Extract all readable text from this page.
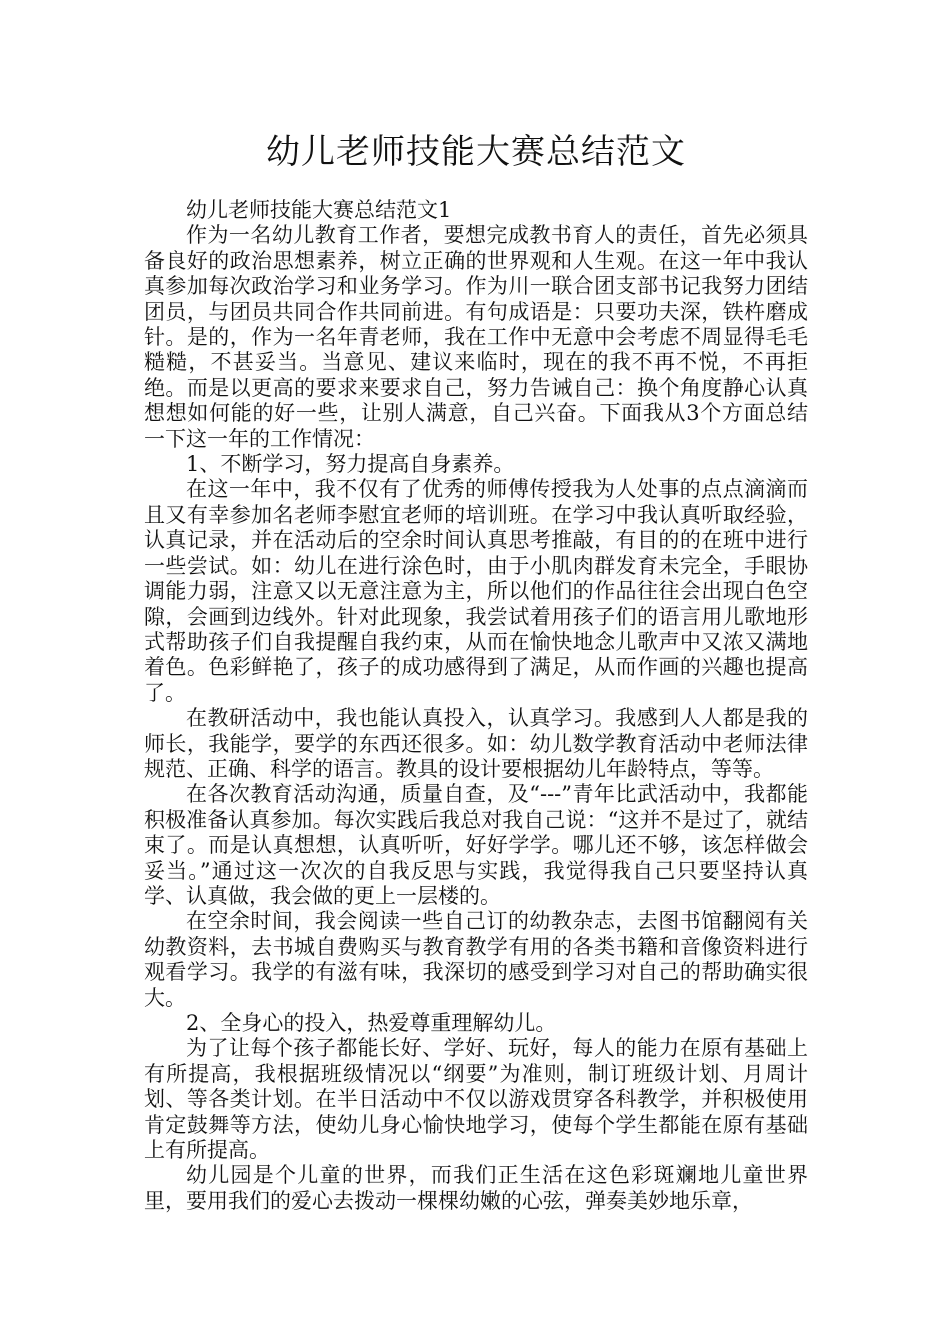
幼儿老师技能大赛总结范文

幼儿老师技能大赛总结范文1

作为一名幼儿教育工作者，要想完成教书育人的责任，首先必须具备良好的政治思想素养，树立正确的世界观和人生观。在这一年中我认真参加每次政治学习和业务学习。作为川一联合团支部书记我努力团结团员，与团员共同合作共同前进。有句成语是：只要功夫深，铁杵磨成针。是的，作为一名年青老师，我在工作中无意中会考虑不周显得毛毛糙糙，不甚妥当。当意见、建议来临时，现在的我不再不悦，不再拒绝。而是以更高的要求来要求自己，努力告诫自己：换个角度静心认真想想如何能的好一些，让别人满意，自己兴奋。下面我从3个方面总结一下这一年的工作情况：

1、不断学习，努力提高自身素养。

在这一年中，我不仅有了优秀的师傅传授我为人处事的点点滴滴而且又有幸参加名老师李慰宜老师的培训班。在学习中我认真听取经验，认真记录，并在活动后的空余时间认真思考推敲，有目的的在班中进行一些尝试。如：幼儿在进行涂色时，由于小肌肉群发育未完全，手眼协调能力弱，注意又以无意注意为主，所以他们的作品往往会出现白色空隙，会画到边线外。针对此现象，我尝试着用孩子们的语言用儿歌地形式帮助孩子们自我提醒自我约束，从而在愉快地念儿歌声中又浓又满地着色。色彩鲜艳了，孩子的成功感得到了满足，从而作画的兴趣也提高了。

在教研活动中，我也能认真投入，认真学习。我感到人人都是我的师长，我能学，要学的东西还很多。如：幼儿数学教育活动中老师法律规范、正确、科学的语言。教具的设计要根据幼儿年龄特点，等等。

在各次教育活动沟通，质量自查，及“---”青年比武活动中，我都能积极准备认真参加。每次实践后我总对我自己说：“这并不是过了，就结束了。而是认真想想，认真听听，好好学学。哪儿还不够，该怎样做会妥当。”通过这一次次的自我反思与实践，我觉得我自己只要坚持认真学、认真做，我会做的更上一层楼的。

在空余时间，我会阅读一些自己订的幼教杂志，去图书馆翻阅有关幼教资料，去书城自费购买与教育教学有用的各类书籍和音像资料进行观看学习。我学的有滋有味，我深切的感受到学习对自己的帮助确实很大。

2、全身心的投入，热爱尊重理解幼儿。

为了让每个孩子都能长好、学好、玩好，每人的能力在原有基础上有所提高，我根据班级情况以“纲要”为准则，制订班级计划、月周计划、等各类计划。在半日活动中不仅以游戏贯穿各科教学，并积极使用肯定鼓舞等方法，使幼儿身心愉快地学习，使每个学生都能在原有基础上有所提高。

幼儿园是个儿童的世界，而我们正生活在这色彩斑斓地儿童世界里，要用我们的爱心去拨动一棵棵幼嫩的心弦，弹奏美妙地乐章，
